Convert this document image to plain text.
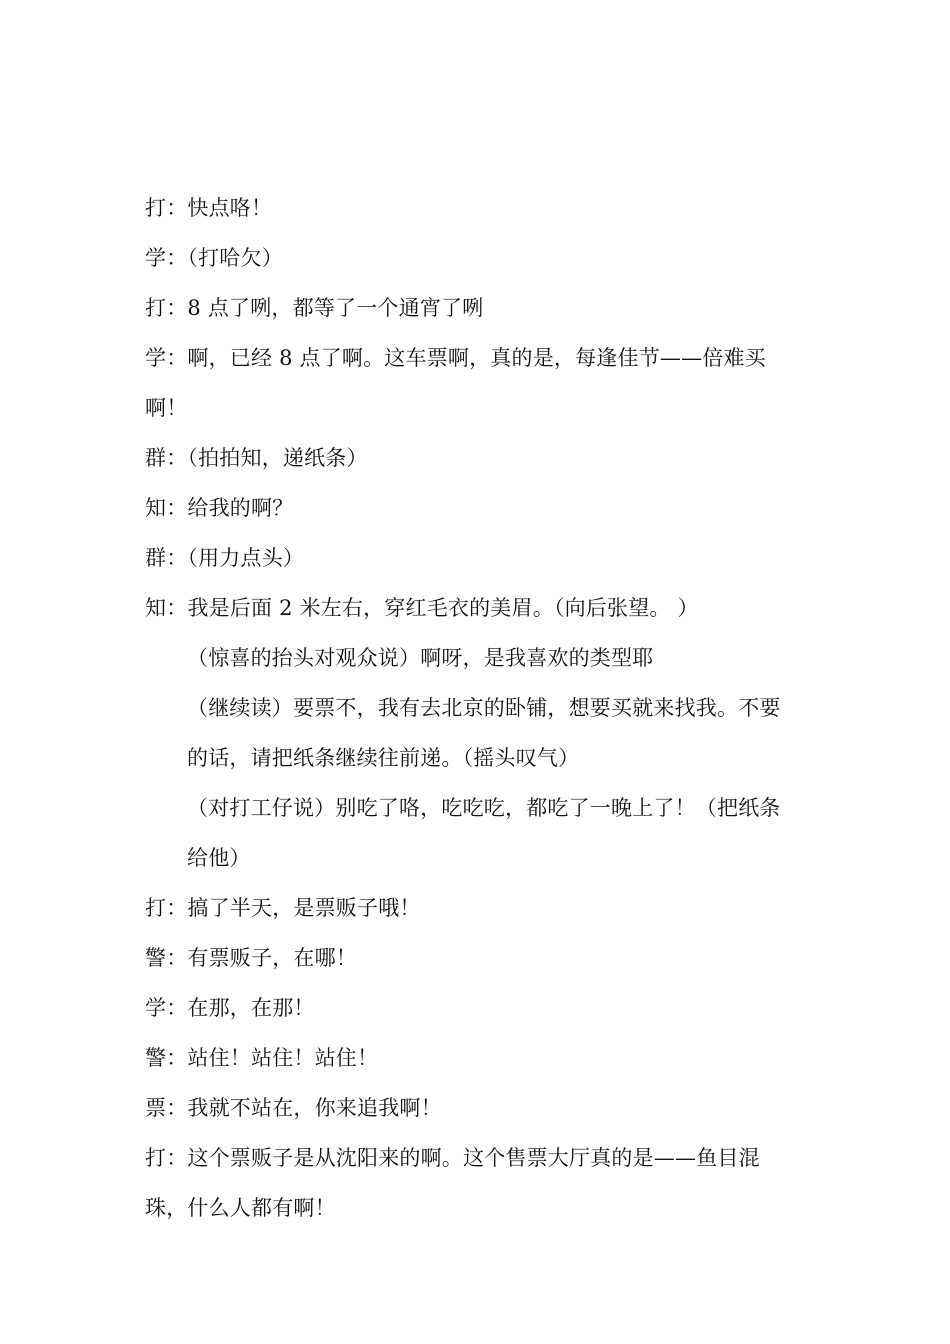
打：快点咯！
学：（打哈欠）
打：8 点了咧，都等了一个通宵了咧
学：啊，已经 8 点了啊。这车票啊，真的是，每逢佳节——倍难买
啊！
群：（拍拍知，递纸条）
知：给我的啊？
群：（用力点头）
知：我是后面 2 米左右，穿红毛衣的美眉。（向后张望。 ）
（惊喜的抬头对观众说）啊呀，是我喜欢的类型耶
（继续读）要票不，我有去北京的卧铺，想要买就来找我。不要
的话，请把纸条继续往前递。（摇头叹气）
（对打工仔说）别吃了咯，吃吃吃，都吃了一晚上了！（把纸条
给他）
打：搞了半天，是票贩子哦！
警：有票贩子，在哪！
学：在那，在那！
警：站住！站住！站住！
票：我就不站在，你来追我啊！
打：这个票贩子是从沈阳来的啊。这个售票大厅真的是——鱼目混
珠，什么人都有啊！
